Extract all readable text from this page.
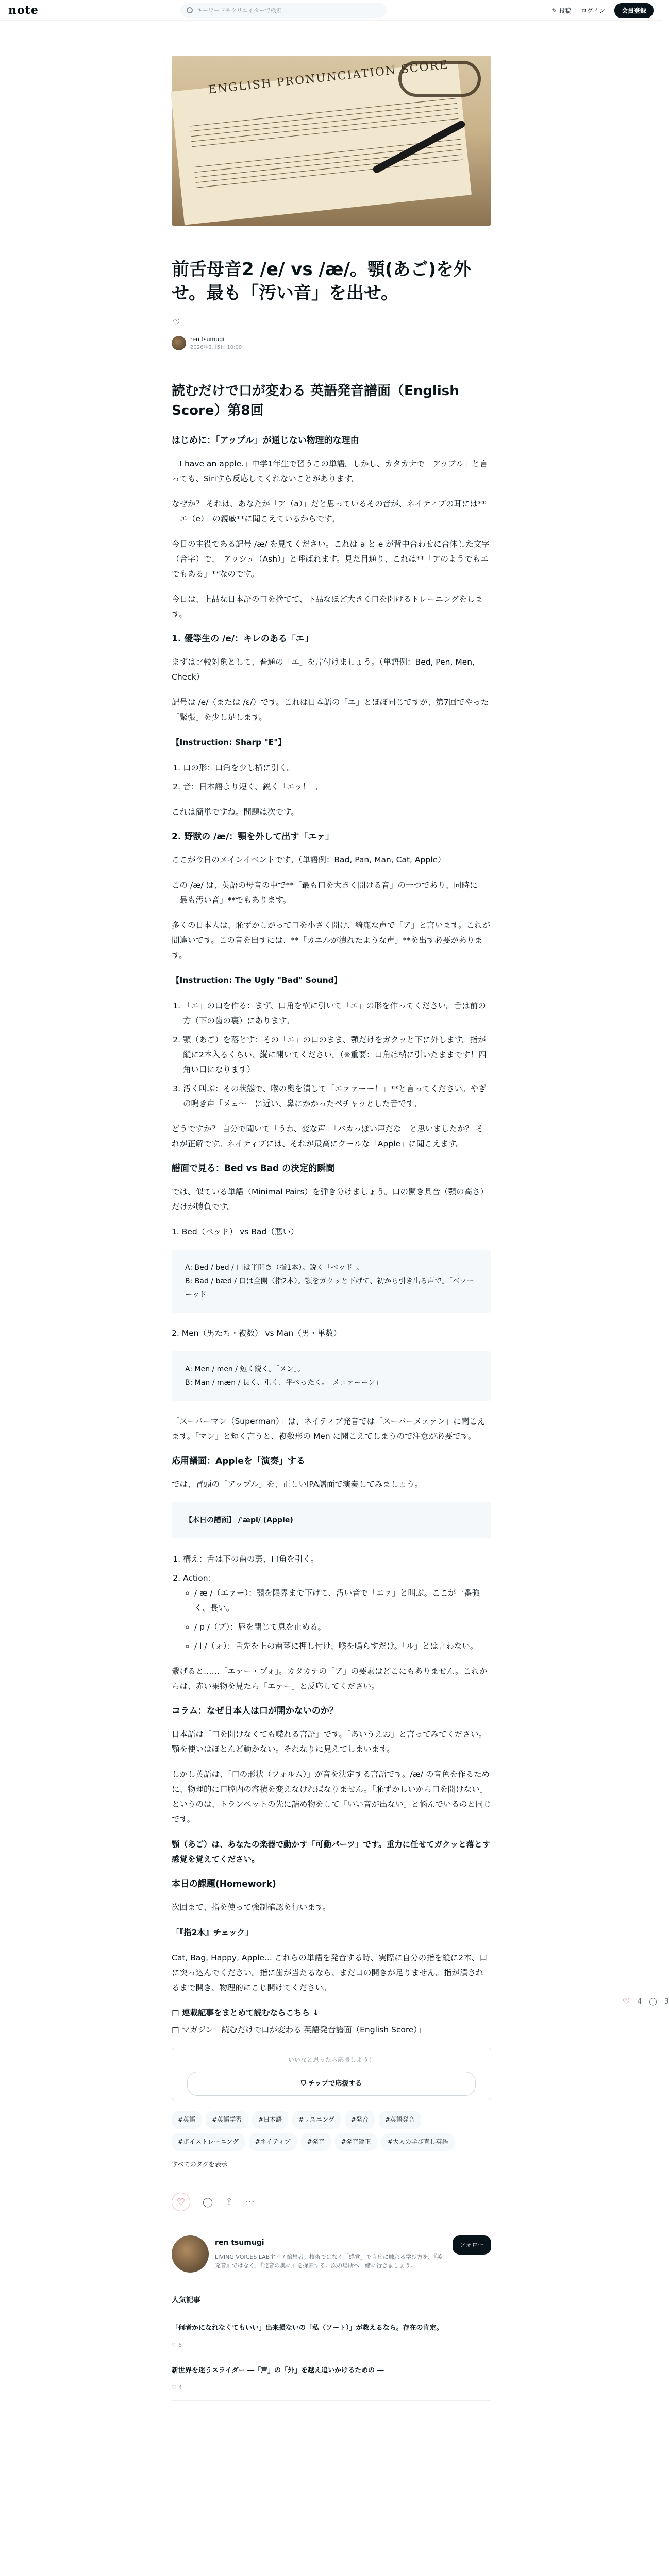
note	キーワードやクリエイターで検索	✎ 投稿 ログイン	会員登録
ENGLISH PRONUNCIATION SCORE
前舌母音2 /e/ vs /æ/。顎(あご)を外せ。最も「汚い音」を出せ。
♡
ren tsumugi
2026年2月5日 10:00
読むだけで口が変わる 英語発音譜面（English Score）第8回
はじめに：「アップル」が通じない物理的な理由

「I have an apple.」中学1年生で習うこの単語。しかし、カタカナで「アップル」と言っても、Siriすら反応してくれないことがあります。

なぜか？ それは、あなたが「ア（a）」だと思っているその音が、ネイティブの耳には**「エ（e）」の親戚**に聞こえているからです。

今日の主役である記号 /æ/ を見てください。これは a と e が背中合わせに合体した文字（合字）で、「アッシュ（Ash）」と呼ばれます。見た目通り、これは**「アのようでもエでもある」**なのです。

今日は、上品な日本語の口を捨てて、下品なほど大きく口を開けるトレーニングをします。

1. 優等生の /e/：キレのある「エ」

まずは比較対象として、普通の「エ」を片付けましょう。（単語例：Bed, Pen, Men, Check）

記号は /e/（または /ɛ/）です。これは日本語の「エ」とほぼ同じですが、第7回でやった「緊張」を少し足します。

【Instruction: Sharp "E"】

1. 口の形：口角を少し横に引く。
2. 音：日本語より短く、鋭く「エッ！」。

これは簡単ですね。問題は次です。

2. 野獣の /æ/：顎を外して出す「エァ」

ここが今日のメインイベントです。（単語例：Bad, Pan, Man, Cat, Apple）

この /æ/ は、英語の母音の中で**「最も口を大きく開ける音」の一つであり、同時に「最も汚い音」**でもあります。

多くの日本人は、恥ずかしがって口を小さく開け、綺麗な声で「ア」と言います。これが間違いです。この音を出すには、**「カエルが潰れたような声」**を出す必要があります。

【Instruction: The Ugly "Bad" Sound】

1. 「エ」の口を作る：まず、口角を横に引いて「エ」の形を作ってください。舌は前の方（下の歯の裏）にあります。
2. 顎（あご）を落とす：その「エ」の口のまま、顎だけをガクッと下に外します。指が縦に2本入るくらい、縦に開いてください。（※重要：口角は横に引いたままです！四角い口になります）
3. 汚く叫ぶ：その状態で、喉の奥を潰して「エァァーー！」**と言ってください。やぎの鳴き声「メェ〜」に近い、鼻にかかったべチャッとした音です。

どうですか？ 自分で聞いて「うわ、変な声」「バカっぽい声だな」と思いましたか？ それが正解です。ネイティブには、それが最高にクールな「Apple」に聞こえます。

譜面で見る：Bed vs Bad の決定的瞬間

では、似ている単語（Minimal Pairs）を弾き分けましょう。口の開き具合（顎の高さ）だけが勝負です。

1. Bed（ベッド） vs Bad（悪い）

A: Bed / bed / 口は半開き（指1本）。鋭く「ベッド」。
B: Bad / bæd / 口は全開（指2本）。顎をガクッと下げて、初から引き出る声で。「ベァーーッド」

2. Men（男たち・複数） vs Man（男・単数）

A: Men / men / 短く鋭く。「メン」。
B: Man / mæn / 長く、重く、平べったく。「メェァーーン」

「スーパーマン（Superman）」は、ネイティブ発音では「スーパーメェァン」に聞こえます。「マン」と短く言うと、複数形の Men に聞こえてしまうので注意が必要です。

応用譜面：Appleを「演奏」する

では、冒頭の「アップル」を、正しいIPA譜面で演奏してみましょう。

【本日の譜面】 /ˈæpl/ (Apple)
1. 構え：舌は下の歯の裏、口角を引く。
2. Action：
◦ / æ /（エァー）：顎を限界まで下げて、汚い音で「エァ」と叫ぶ。ここが一番強く、長い。
◦ / p /（プ）：唇を閉じて息を止める。
◦ / l /（ォ）：舌先を上の歯茎に押し付け、喉を鳴らすだけ。「ル」とは言わない。

繋げると……「エァー・プォ」。カタカナの「ア」の要素はどこにもありません。これからは、赤い果物を見たら「エァー」と反応してください。

コラム：なぜ日本人は口が開かないのか？

日本語は「口を開けなくても喋れる言語」です。「あいうえお」と言ってみてください。顎を使いはほとんど動かない。それなりに見えてしまいます。

しかし英語は、「口の形状（フォルム）」が音を決定する言語です。/æ/ の音色を作るために、物理的に口腔内の容積を変えなければなりません。「恥ずかしいから口を開けない」というのは、トランペットの先に詰め物をして「いい音が出ない」と悩んでいるのと同じです。

顎（あご）は、あなたの楽器で動かす「可動パーツ」です。重力に任せてガクッと落とす感覚を覚えてください。

本日の課題(Homework)

次回まで、指を使って強制確認を行います。

「『指2本』チェック」

Cat, Bag, Happy, Apple... これらの単語を発音する時、実際に自分の指を縦に2本、口に突っ込んでください。指に歯が当たるなら、まだ口の開きが足りません。指が潰されるまで開き、物理的にこじ開けてください。

□ 連載記事をまとめて読むならこちら ↓

□ マガジン「読むだけで口が変わる 英語発音譜面（English Score）」

いいなと思ったら応援しよう！
⛉ チップで応援する
#英語	#英語学習	#日本語	#リスニング	#発音	#英語発音
#ボイストレーニング	#ネイティブ	#発音	#発音矯正	#大人の学び直し英語
すべてのタグを表示
♡	◯ ⇪ ···
ren tsumugi
LIVING VOICES LAB主宰 / 編集者。技術ではなく「感覚」で言葉に触れる学び方を。『英発音』ではなく、『発音の奥に』を探索する。次の場所へ一緒に行きましょう。
フォロー
人気記事
「何者かになれなくてもいい」出来損ないの「私（ソート）」が救えるなら。存在の肯定。
♡ 5
新世界を迷うスライダー ―「声」の「外」を越え追いかけるための ―
♡ 4
♡ 4 ◯ 3
